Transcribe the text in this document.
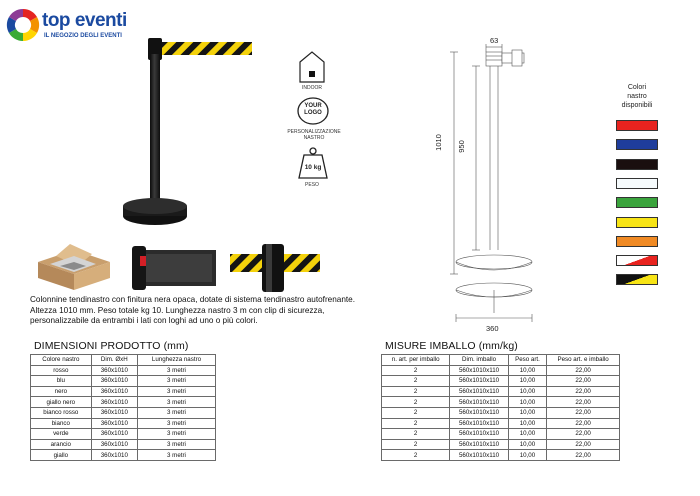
top eventi
IL NEGOZIO DEGLI EVENTI
INDOOR
YOUR
LOGO
PERSONALIZZAZIONE NASTRO
10 kg
PESO
63
1010 950
360
Colori
nastro
disponibili
Colonnine tendinastro con finitura nera opaca, dotate di sistema tendinastro autofrenante. Altezza 1010 mm. Peso totale kg 10. Lunghezza nastro 3 m con clip di sicurezza, personalizzabile da entrambi i lati con loghi ad uno o più colori.
DIMENSIONI PRODOTTO (mm)
Colore nastro	Dim. ØxH	Lunghezza nastro
rosso	360x1010	3 metri
blu	360x1010	3 metri
nero	360x1010	3 metri
giallo nero	360x1010	3 metri
bianco rosso	360x1010	3 metri
bianco	360x1010	3 metri
verde	360x1010	3 metri
arancio	360x1010	3 metri
giallo	360x1010	3 metri
MISURE IMBALLO (mm/kg)
n. art. per imballo	Dim. imballo	Peso art.	Peso art. e imballo
2	560x1010x110	10,00	22,00
2	560x1010x110	10,00	22,00
2	560x1010x110	10,00	22,00
2	560x1010x110	10,00	22,00
2	560x1010x110	10,00	22,00
2	560x1010x110	10,00	22,00
2	560x1010x110	10,00	22,00
2	560x1010x110	10,00	22,00
2	560x1010x110	10,00	22,00
